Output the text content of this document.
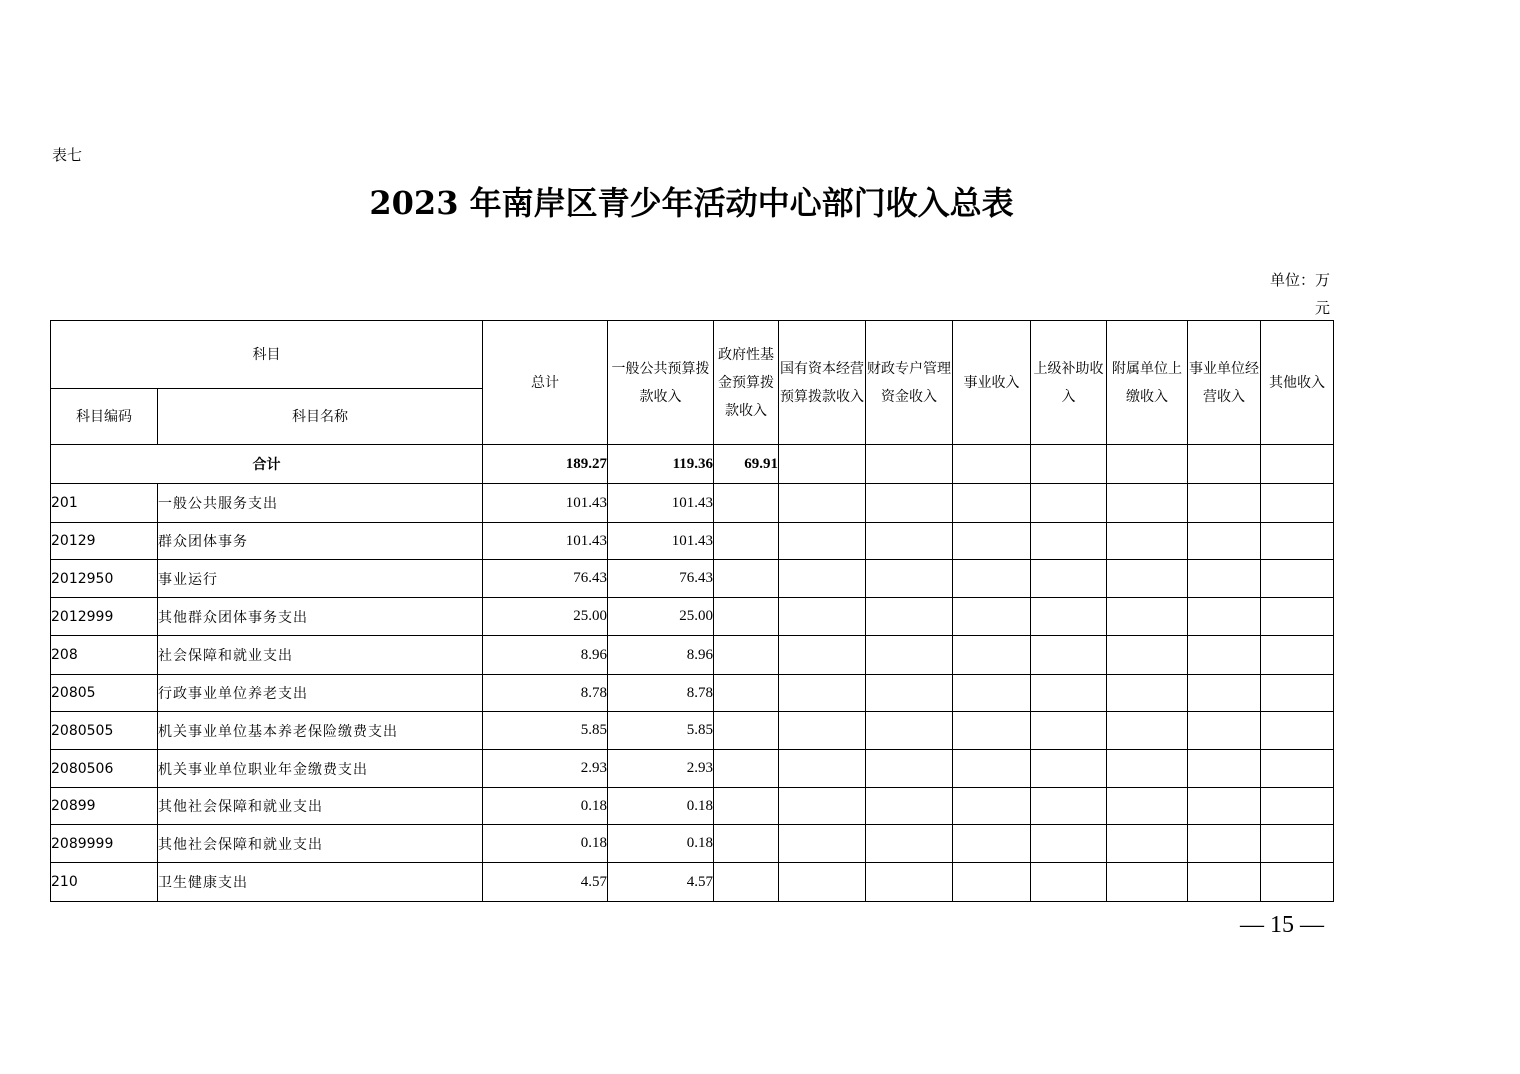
表七
2023 年南岸区青少年活动中心部门收入总表
单位：万
元
科目		总计	一般公共预算拨款收入	政府性基金预算拨款收入	国有资本经营预算拨款收入	财政专户管理资金收入	事业收入	上级补助收入	附属单位上缴收入	事业单位经营收入	其他收入
科目编码	科目名称										
合计		189.27	119.36	69.91							
201	一般公共服务支出	101.43	101.43								
20129	群众团体事务	101.43	101.43								
2012950	事业运行	76.43	76.43								
2012999	其他群众团体事务支出	25.00	25.00								
208	社会保障和就业支出	8.96	8.96								
20805	行政事业单位养老支出	8.78	8.78								
2080505	机关事业单位基本养老保险缴费支出	5.85	5.85								
2080506	机关事业单位职业年金缴费支出	2.93	2.93								
20899	其他社会保障和就业支出	0.18	0.18								
2089999	其他社会保障和就业支出	0.18	0.18								
210	卫生健康支出	4.57	4.57								
— 15 —
